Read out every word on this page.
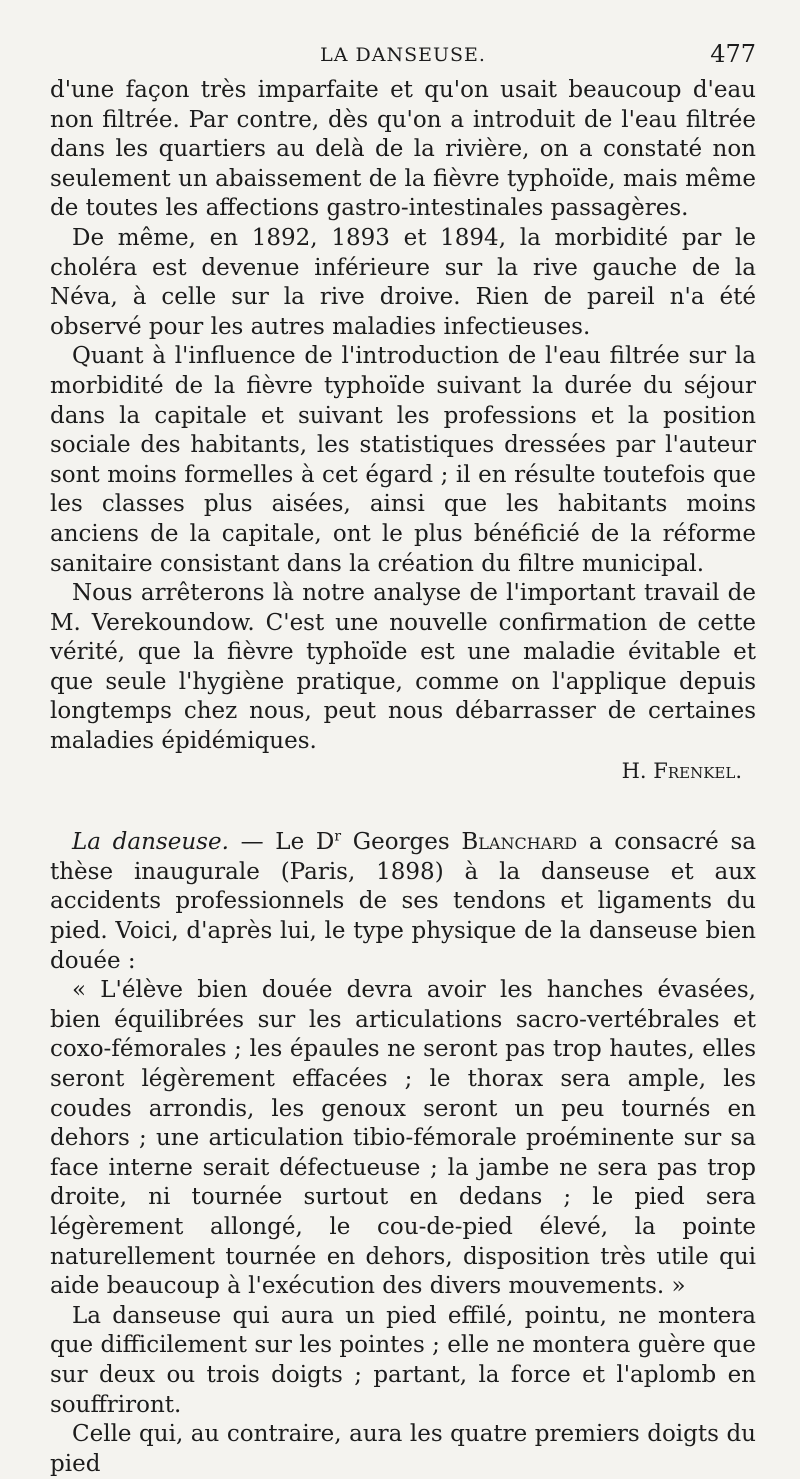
LA DANSEUSE.	477

d'une façon très imparfaite et qu'on usait beaucoup d'eau non filtrée. Par contre, dès qu'on a introduit de l'eau filtrée dans les quartiers au delà de la rivière, on a constaté non seulement un abaissement de la fièvre typhoïde, mais même de toutes les affections gastro-intestinales passagères.

De même, en 1892, 1893 et 1894, la morbidité par le choléra est devenue inférieure sur la rive gauche de la Néva, à celle sur la rive droive. Rien de pareil n'a été observé pour les autres maladies infectieuses.

Quant à l'influence de l'introduction de l'eau filtrée sur la morbidité de la fièvre typhoïde suivant la durée du séjour dans la capitale et suivant les professions et la position sociale des habitants, les statistiques dressées par l'auteur sont moins formelles à cet égard ; il en résulte toutefois que les classes plus aisées, ainsi que les habitants moins anciens de la capitale, ont le plus bénéficié de la réforme sanitaire consistant dans la création du filtre municipal.

Nous arrêterons là notre analyse de l'important travail de M. Verekoundow. C'est une nouvelle confirmation de cette vérité, que la fièvre typhoïde est une maladie évitable et que seule l'hygiène pratique, comme on l'applique depuis longtemps chez nous, peut nous débarrasser de certaines maladies épidémiques.

H. Frenkel.

La danseuse. — Le $D^r$ Georges Blanchard a consacré sa thèse inaugurale (Paris, 1898) à la danseuse et aux accidents professionnels de ses tendons et ligaments du pied. Voici, d'après lui, le type physique de la danseuse bien douée :

« L'élève bien douée devra avoir les hanches évasées, bien équilibrées sur les articulations sacro-vertébrales et coxo-fémorales ; les épaules ne seront pas trop hautes, elles seront légèrement effacées ; le thorax sera ample, les coudes arrondis, les genoux seront un peu tournés en dehors ; une articulation tibio-fémorale proéminente sur sa face interne serait défectueuse ; la jambe ne sera pas trop droite, ni tournée surtout en dedans ; le pied sera légèrement allongé, le cou-de-pied élevé, la pointe naturellement tournée en dehors, disposition très utile qui aide beaucoup à l'exécution des divers mouvements. »

La danseuse qui aura un pied effilé, pointu, ne montera que difficilement sur les pointes ; elle ne montera guère que sur deux ou trois doigts ; partant, la force et l'aplomb en souffriront.

Celle qui, au contraire, aura les quatre premiers doigts du pied
